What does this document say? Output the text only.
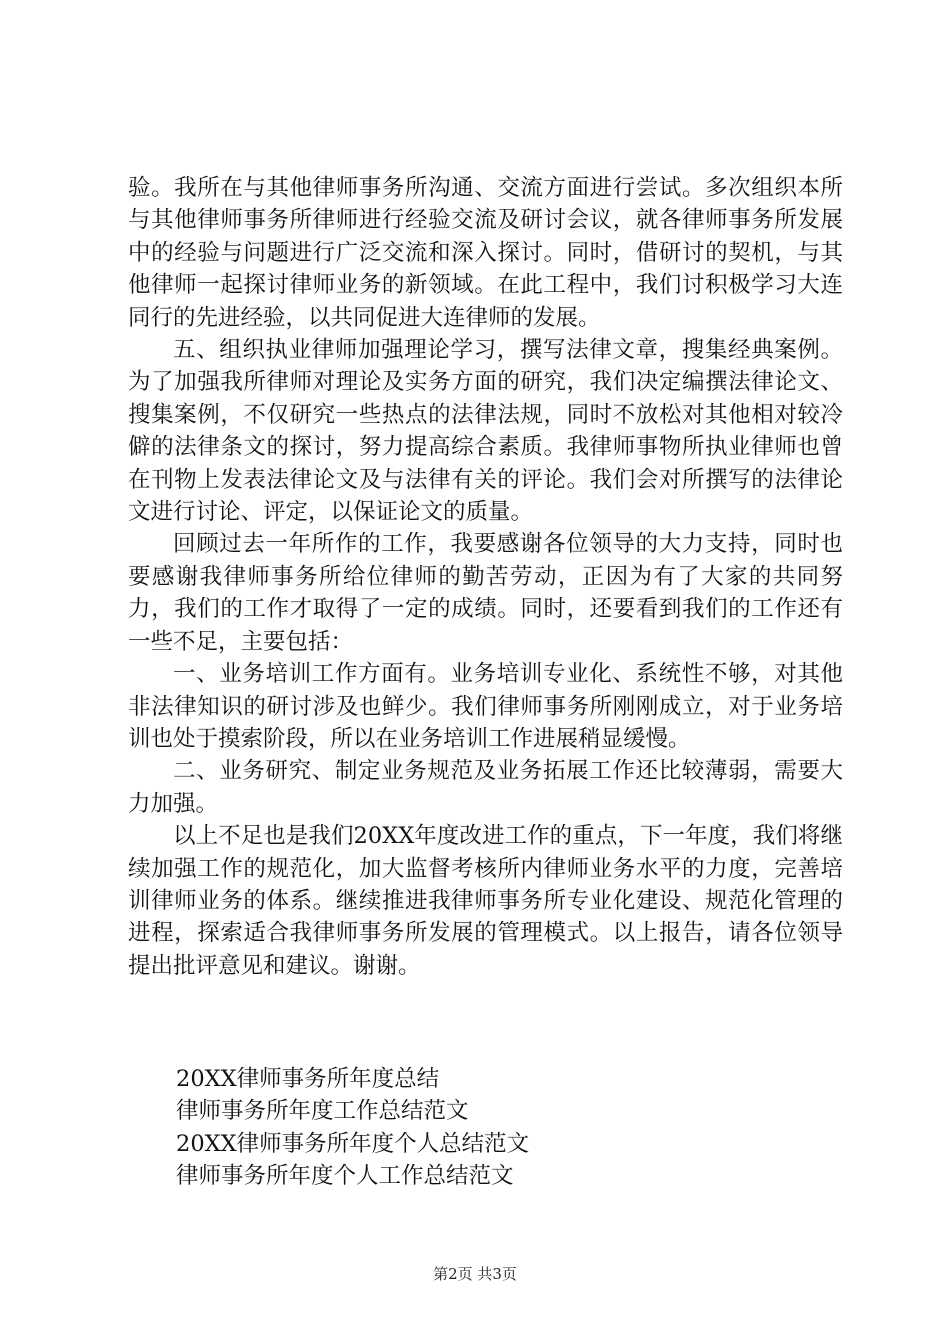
验。我所在与其他律师事务所沟通、交流方面进行尝试。多次组织本所与其他律师事务所律师进行经验交流及研讨会议，就各律师事务所发展中的经验与问题进行广泛交流和深入探讨。同时，借研讨的契机，与其他律师一起探讨律师业务的新领域。在此工程中，我们讨积极学习大连同行的先进经验，以共同促进大连律师的发展。

五、组织执业律师加强理论学习，撰写法律文章，搜集经典案例。为了加强我所律师对理论及实务方面的研究，我们决定编撰法律论文、搜集案例，不仅研究一些热点的法律法规，同时不放松对其他相对较冷僻的法律条文的探讨，努力提高综合素质。我律师事物所执业律师也曾在刊物上发表法律论文及与法律有关的评论。我们会对所撰写的法律论文进行讨论、评定，以保证论文的质量。

回顾过去一年所作的工作，我要感谢各位领导的大力支持，同时也要感谢我律师事务所给位律师的勤苦劳动，正因为有了大家的共同努力，我们的工作才取得了一定的成绩。同时，还要看到我们的工作还有一些不足，主要包括：

一、业务培训工作方面有。业务培训专业化、系统性不够，对其他非法律知识的研讨涉及也鲜少。我们律师事务所刚刚成立，对于业务培训也处于摸索阶段，所以在业务培训工作进展稍显缓慢。

二、业务研究、制定业务规范及业务拓展工作还比较薄弱，需要大力加强。

以上不足也是我们20XX年度改进工作的重点，下一年度，我们将继续加强工作的规范化，加大监督考核所内律师业务水平的力度，完善培训律师业务的体系。继续推进我律师事务所专业化建设、规范化管理的进程，探索适合我律师事务所发展的管理模式。以上报告，请各位领导提出批评意见和建议。谢谢。

20XX律师事务所年度总结
律师事务所年度工作总结范文
20XX律师事务所年度个人总结范文
律师事务所年度个人工作总结范文
第2页 共3页
